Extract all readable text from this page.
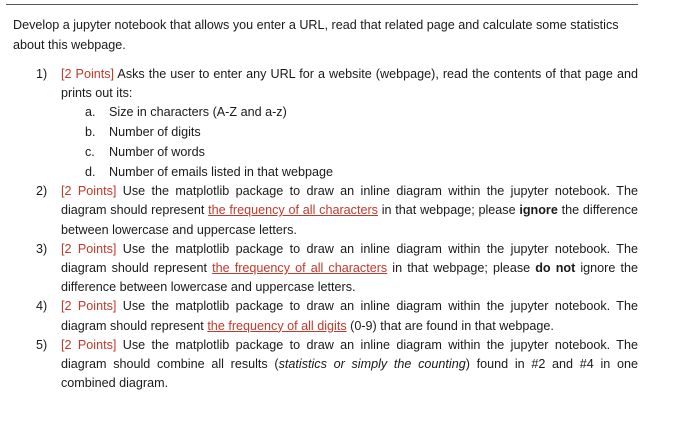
Develop a jupyter notebook that allows you enter a URL, read that related page and calculate some statistics about this webpage.
1)	[2 Points] Asks the user to enter any URL for a website (webpage), read the contents of that page and prints out its:
a.	Size in characters (A-Z and a-z)
b.	Number of digits
c.	Number of words
d.	Number of emails listed in that webpage
2)	[2 Points] Use the matplotlib package to draw an inline diagram within the jupyter notebook. The diagram should represent the frequency of all characters in that webpage; please ignore the difference between lowercase and uppercase letters.
3)	[2 Points] Use the matplotlib package to draw an inline diagram within the jupyter notebook. The diagram should represent the frequency of all characters in that webpage; please do not ignore the difference between lowercase and uppercase letters.
4)	[2 Points] Use the matplotlib package to draw an inline diagram within the jupyter notebook. The diagram should represent the frequency of all digits (0-9) that are found in that webpage.
5)	[2 Points] Use the matplotlib package to draw an inline diagram within the jupyter notebook. The diagram should combine all results (statistics or simply the counting) found in #2 and #4 in one combined diagram.
